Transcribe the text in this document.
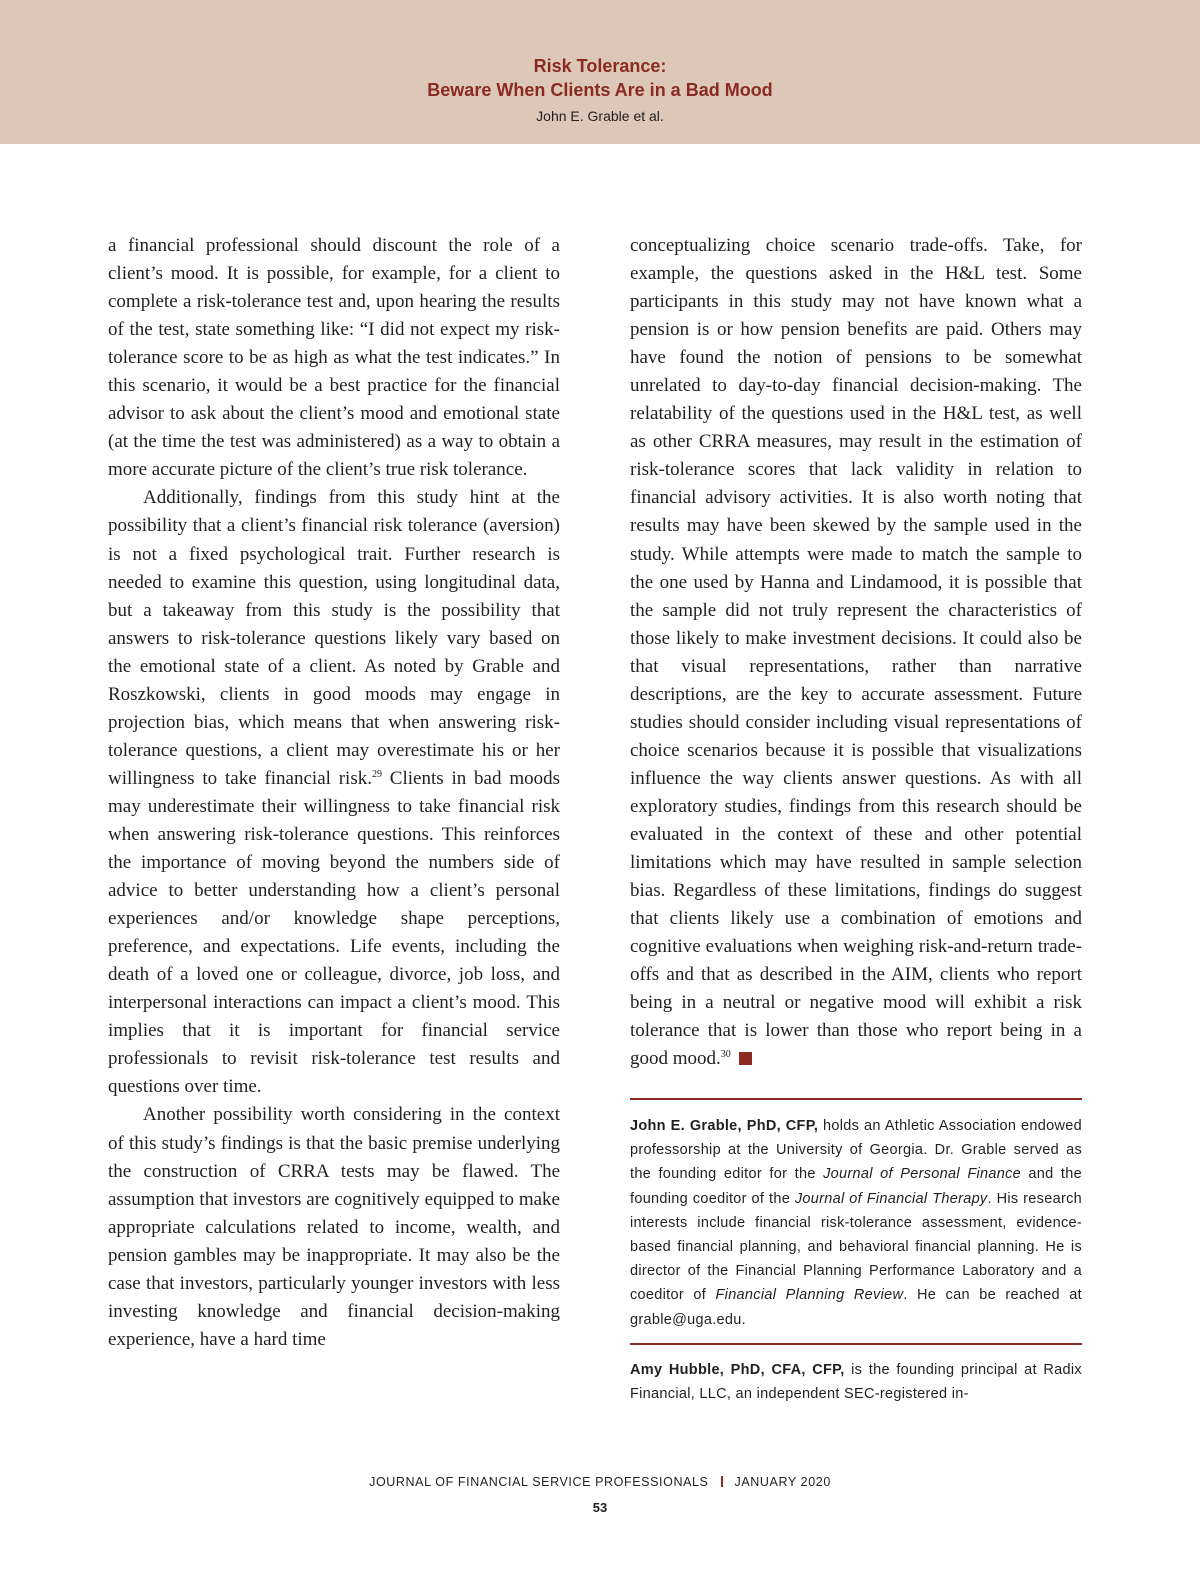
Risk Tolerance:
Beware When Clients Are in a Bad Mood
John E. Grable et al.

a financial professional should discount the role of a client’s mood. It is possible, for example, for a client to complete a risk-tolerance test and, upon hearing the results of the test, state something like: “I did not expect my risk-tolerance score to be as high as what the test indicates.” In this scenario, it would be a best practice for the financial advisor to ask about the client’s mood and emotional state (at the time the test was administered) as a way to obtain a more accurate picture of the client’s true risk tolerance.

Additionally, findings from this study hint at the possibility that a client’s financial risk tolerance (aversion) is not a fixed psychological trait. Further research is needed to examine this question, using longitudinal data, but a takeaway from this study is the possibility that answers to risk-tolerance questions likely vary based on the emotional state of a client. As noted by Grable and Roszkowski, clients in good moods may engage in projection bias, which means that when answering risk-tolerance questions, a client may overestimate his or her willingness to take financial risk.$^{29}$ Clients in bad moods may underestimate their willingness to take financial risk when answering risk-tolerance questions. This reinforces the importance of moving beyond the numbers side of advice to better understanding how a client’s personal experiences and/or knowledge shape perceptions, preference, and expectations. Life events, including the death of a loved one or colleague, divorce, job loss, and interpersonal interactions can impact a client’s mood. This implies that it is important for financial service professionals to revisit risk-tolerance test results and questions over time.

Another possibility worth considering in the context of this study’s findings is that the basic premise underlying the construction of CRRA tests may be flawed. The assumption that investors are cognitively equipped to make appropriate calculations related to income, wealth, and pension gambles may be inappropriate. It may also be the case that investors, particularly younger investors with less investing knowledge and financial decision-making experience, have a hard time

conceptualizing choice scenario trade-offs. Take, for example, the questions asked in the H&L test. Some participants in this study may not have known what a pension is or how pension benefits are paid. Others may have found the notion of pensions to be somewhat unrelated to day-to-day financial decision-making. The relatability of the questions used in the H&L test, as well as other CRRA measures, may result in the estimation of risk-tolerance scores that lack validity in relation to financial advisory activities. It is also worth noting that results may have been skewed by the sample used in the study. While attempts were made to match the sample to the one used by Hanna and Lindamood, it is possible that the sample did not truly represent the characteristics of those likely to make investment decisions. It could also be that visual representations, rather than narrative descriptions, are the key to accurate assessment. Future studies should consider including visual representations of choice scenarios because it is possible that visualizations influence the way clients answer questions. As with all exploratory studies, findings from this research should be evaluated in the context of these and other potential limitations which may have resulted in sample selection bias. Regardless of these limitations, findings do suggest that clients likely use a combination of emotions and cognitive evaluations when weighing risk-and-return trade-offs and that as described in the AIM, clients who report being in a neutral or negative mood will exhibit a risk tolerance that is lower than those who report being in a good mood.$^{30}$

John E. Grable, PhD, CFP, holds an Athletic Association endowed professorship at the University of Georgia. Dr. Grable served as the founding editor for the Journal of Personal Finance and the founding coeditor of the Journal of Financial Therapy. His research interests include financial risk-tolerance assessment, evidence-based financial planning, and behavioral financial planning. He is director of the Financial Planning Performance Laboratory and a coeditor of Financial Planning Review. He can be reached at grable@uga.edu.
Amy Hubble, PhD, CFA, CFP, is the founding principal at Radix Financial, LLC, an independent SEC-registered in-
JOURNAL OF FINANCIAL SERVICE PROFESSIONALS JANUARY 2020
53
